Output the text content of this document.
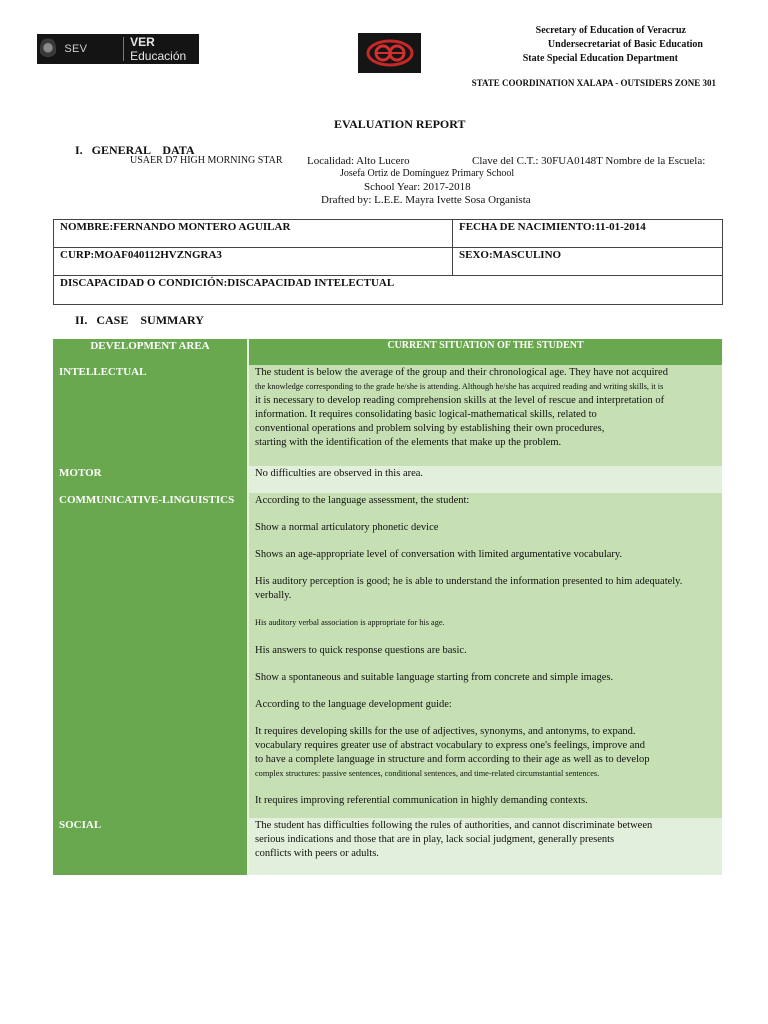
SEV	VER Educación
Secretary of Education of Veracruz
Undersecretariat of Basic Education
State Special Education Department
STATE COORDINATION XALAPA - OUTSIDERS ZONE 301
EVALUATION REPORT
I.   GENERAL    DATA
USAER D7 HIGH MORNING STAR Localidad: Alto Lucero	Clave del C.T.: 30FUA0148T Nombre de la Escuela:
Josefa Ortiz de Domínguez Primary School
School Year: 2017-2018
Drafted by: L.E.E. Mayra Ivette Sosa Organista
NOMBRE:FERNANDO MONTERO AGUILAR	FECHA DE NACIMIENTO:11-01-2014
CURP:MOAF040112HVZNGRA3	SEXO:MASCULINO
DISCAPACIDAD O CONDICIÓN:DISCAPACIDAD INTELECTUAL	
II.   CASE    SUMMARY
DEVELOPMENT AREA	CURRENT SITUATION OF THE STUDENT
INTELLECTUAL	The student is below the average of the group and their chronological age. They have not acquired

the knowledge corresponding to the grade he/she is attending. Although he/she has acquired reading and writing skills, it is

it is necessary to develop reading comprehension skills at the level of rescue and interpretation of

information. It requires consolidating basic logical-mathematical skills, related to

conventional operations and problem solving by establishing their own procedures,

starting with the identification of the elements that make up the problem.

MOTOR	No difficulties are observed in this area.

COMMUNICATIVE-LINGUISTICS	According to the language assessment, the student:

Show a normal articulatory phonetic device

Shows an age-appropriate level of conversation with limited argumentative vocabulary.

His auditory perception is good; he is able to understand the information presented to him adequately.

verbally.

His auditory verbal association is appropriate for his age.

His answers to quick response questions are basic.

Show a spontaneous and suitable language starting from concrete and simple images.

According to the language development guide:

It requires developing skills for the use of adjectives, synonyms, and antonyms, to expand.

vocabulary requires greater use of abstract vocabulary to express one's feelings, improve and

to have a complete language in structure and form according to their age as well as to develop

complex structures: passive sentences, conditional sentences, and time-related circumstantial sentences.

It requires improving referential communication in highly demanding contexts.

SOCIAL	The student has difficulties following the rules of authorities, and cannot discriminate between

serious indications and those that are in play, lack social judgment, generally presents

conflicts with peers or adults.
